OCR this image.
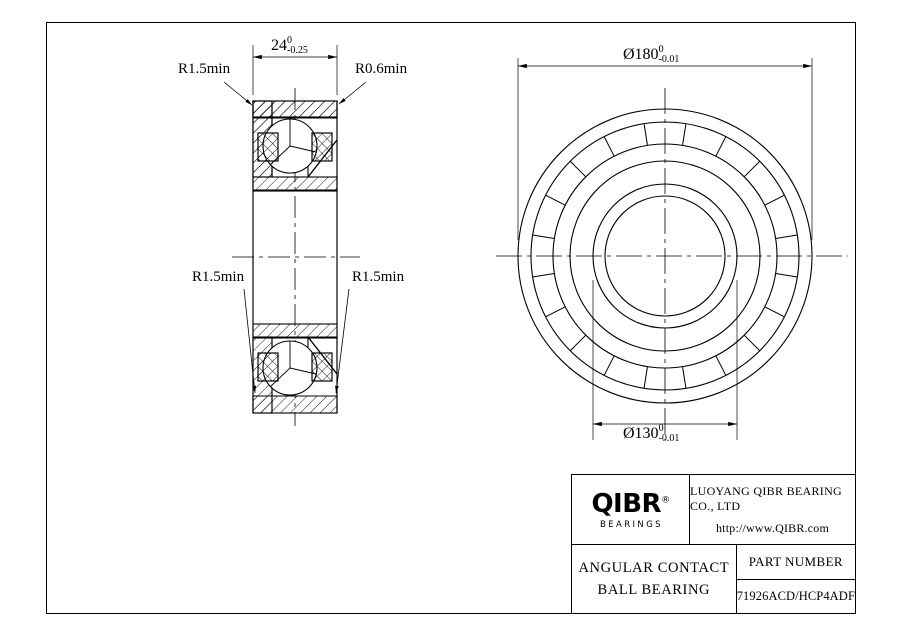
24 0
-0.25
R1.5min	R0.6min
R1.5min	R1.5min
Ø180 0
-0.01
Ø130 0
-0.01
QIBR®
BEARINGS
LUOYANG QIBR BEARING CO., LTD
http://www.QIBR.com
ANGULAR CONTACT
BALL BEARING
PART NUMBER
71926ACD/HCP4ADF
